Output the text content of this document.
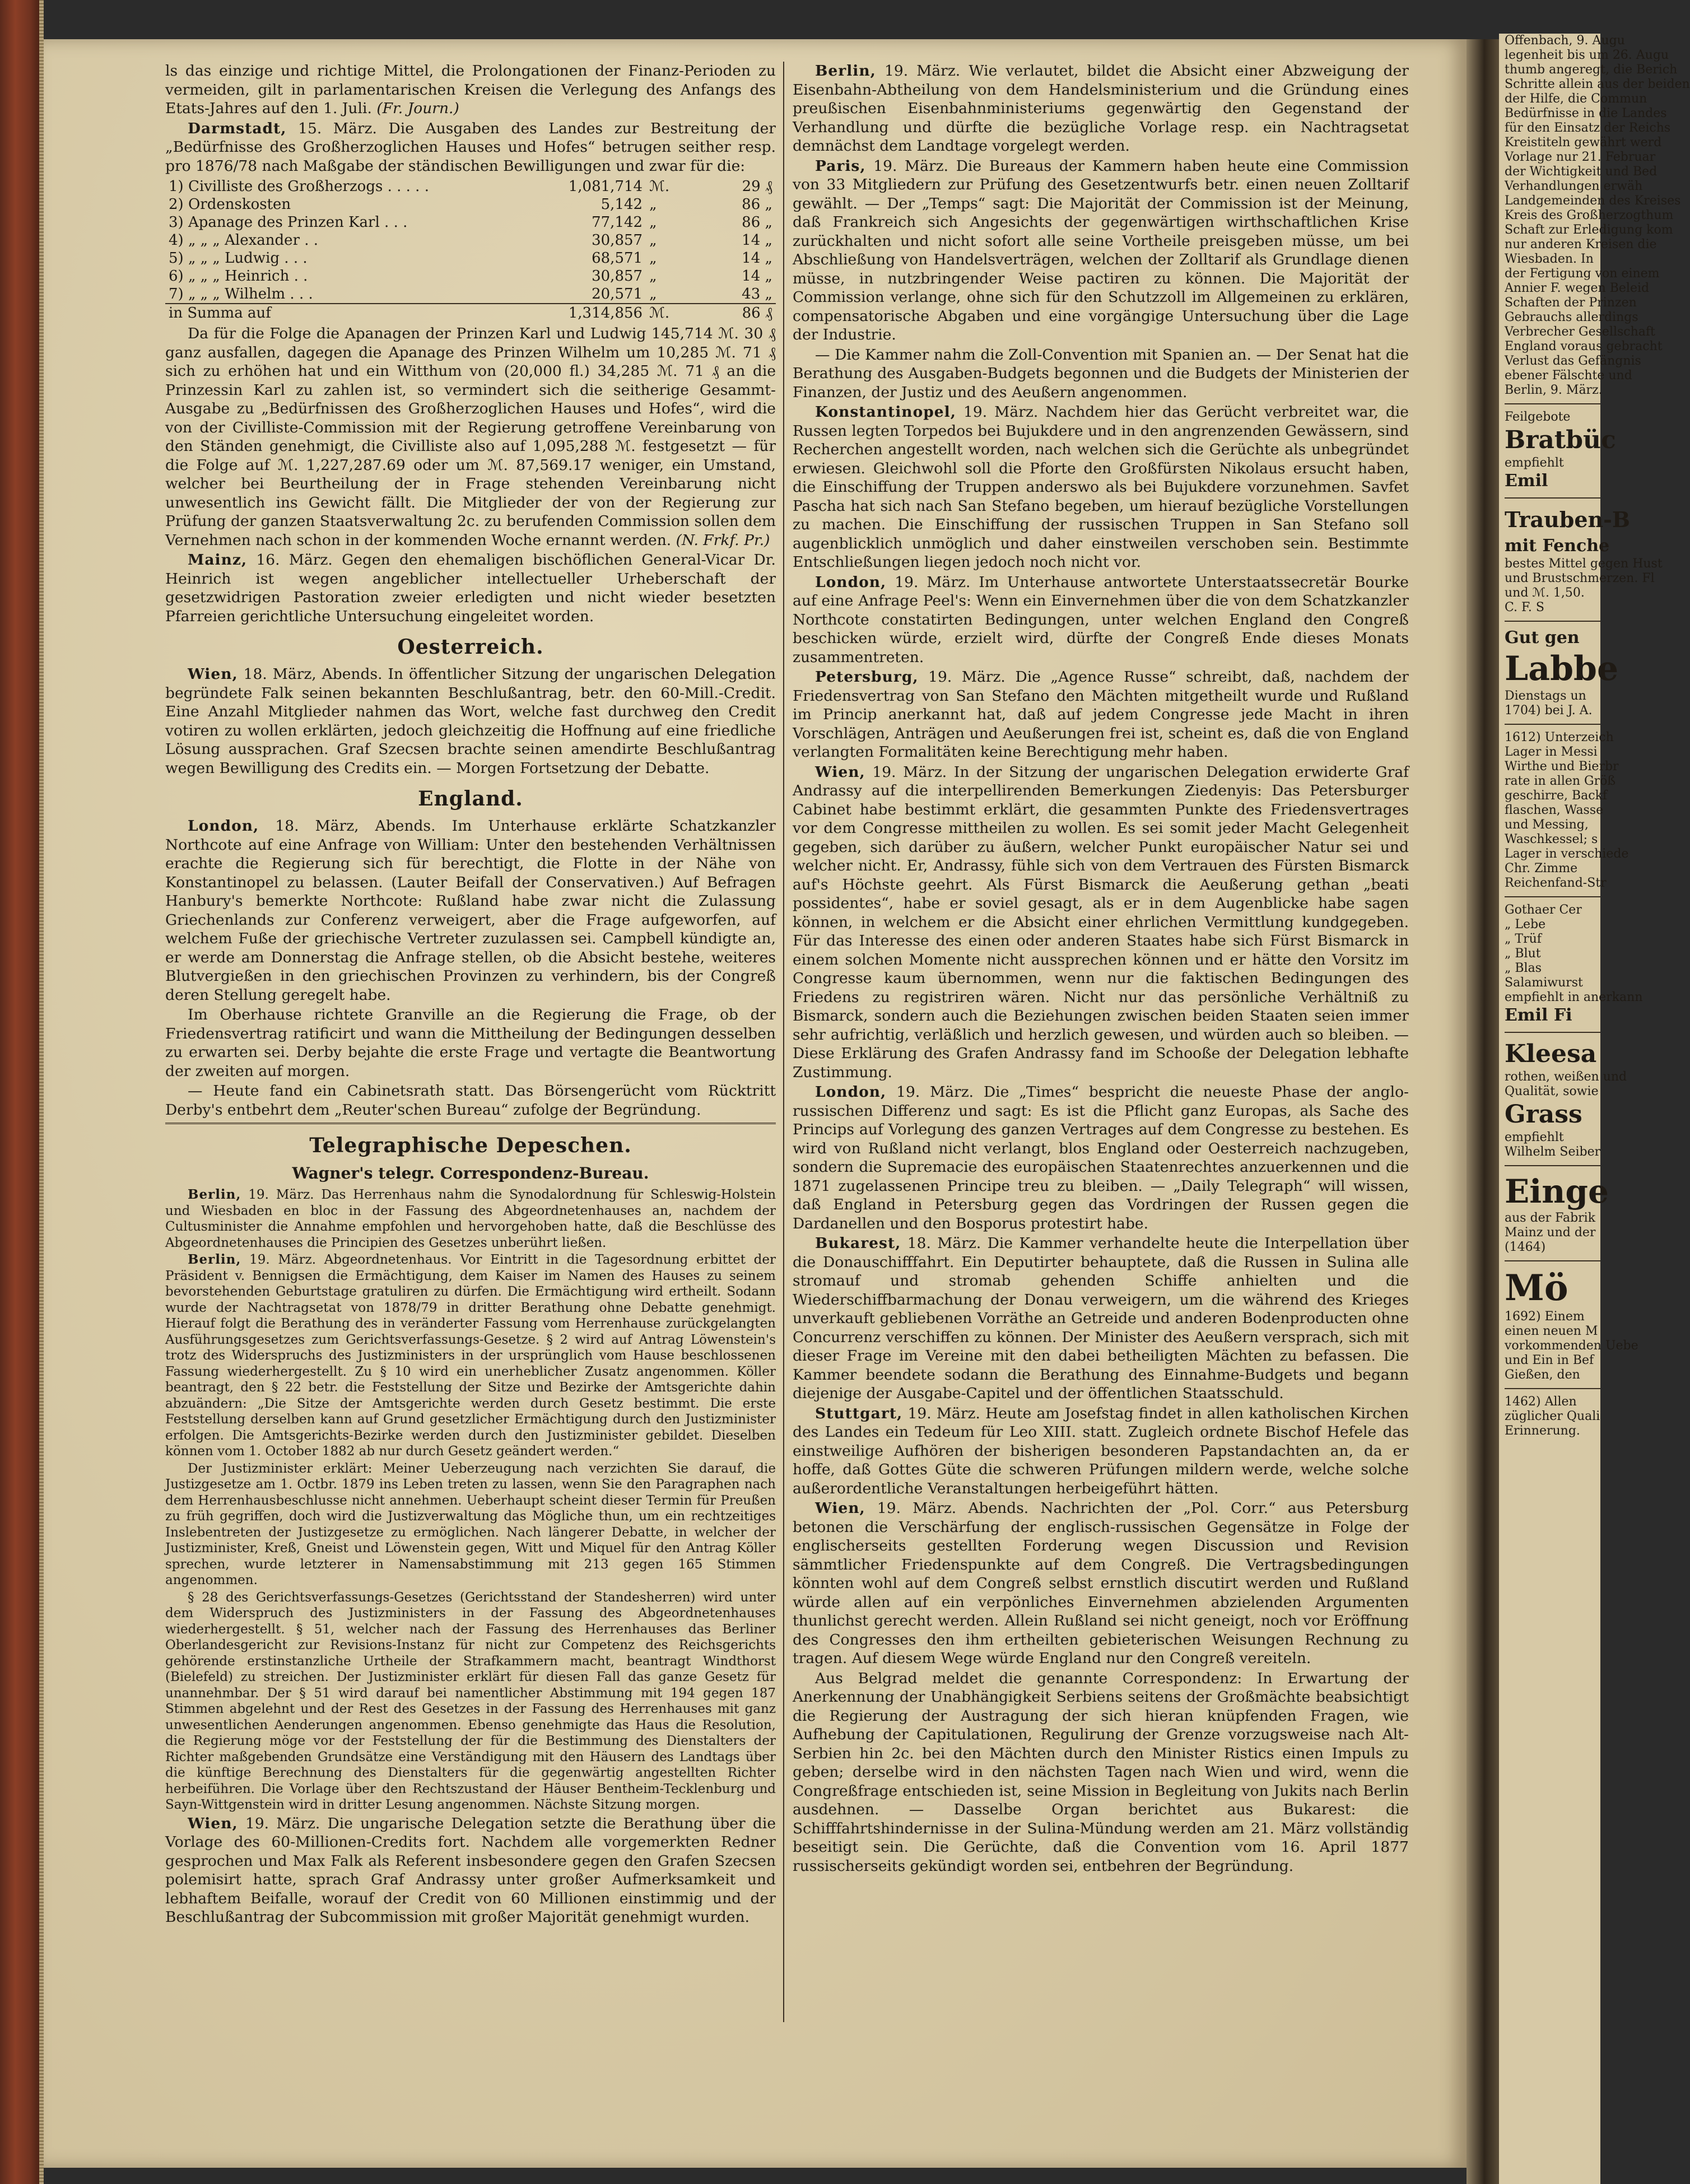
ls das einzige und richtige Mittel, die Prolongationen der Finanz-Perioden zu vermeiden, gilt in parlamentarischen Kreisen die Verlegung des Anfangs des Etats-Jahres auf den 1. Juli. (Fr. Journ.)

Darmstadt, 15. März. Die Ausgaben des Landes zur Bestreitung der „Bedürfnisse des Großherzoglichen Hauses und Hofes“ betrugen seither resp. pro 1876/78 nach Maßgabe der ständischen Bewilligungen und zwar für die:

1) Civilliste des Großherzogs . . . . .	1,081,714	ℳ.	29 ₰
2) Ordenskosten	5,142	„	86 „
3) Apanage des Prinzen Karl . . .	77,142	„	86 „
4) „ „ „ Alexander . .	30,857	„	14 „
5) „ „ „ Ludwig . . .	68,571	„	14 „
6) „ „ „ Heinrich . .	30,857	„	14 „
7) „ „ „ Wilhelm . . .	20,571	„	43 „
in Summa auf	1,314,856	ℳ.	86 ₰

Da für die Folge die Apanagen der Prinzen Karl und Ludwig 145,714 ℳ. 30 ₰ ganz ausfallen, dagegen die Apanage des Prinzen Wilhelm um 10,285 ℳ. 71 ₰ sich zu erhöhen hat und ein Witthum von (20,000 fl.) 34,285 ℳ. 71 ₰ an die Prinzessin Karl zu zahlen ist, so vermindert sich die seitherige Gesammt-Ausgabe zu „Bedürfnissen des Großherzoglichen Hauses und Hofes“, wird die von der Civilliste-Commission mit der Regierung getroffene Vereinbarung von den Ständen genehmigt, die Civilliste also auf 1,095,288 ℳ. festgesetzt — für die Folge auf ℳ. 1,227,287.69 oder um ℳ. 87,569.17 weniger, ein Umstand, welcher bei Beurtheilung der in Frage stehenden Vereinbarung nicht unwesentlich ins Gewicht fällt. Die Mitglieder der von der Regierung zur Prüfung der ganzen Staatsverwaltung 2c. zu berufenden Commission sollen dem Vernehmen nach schon in der kommenden Woche ernannt werden. (N. Frkf. Pr.)

Mainz, 16. März. Gegen den ehemaligen bischöflichen General-Vicar Dr. Heinrich ist wegen angeblicher intellectueller Urheberschaft der gesetzwidrigen Pastoration zweier erledigten und nicht wieder besetzten Pfarreien gerichtliche Untersuchung eingeleitet worden.

Oesterreich.

Wien, 18. März, Abends. In öffentlicher Sitzung der ungarischen Delegation begründete Falk seinen bekannten Beschlußantrag, betr. den 60-Mill.-Credit. Eine Anzahl Mitglieder nahmen das Wort, welche fast durchweg den Credit votiren zu wollen erklärten, jedoch gleichzeitig die Hoffnung auf eine friedliche Lösung aussprachen. Graf Szecsen brachte seinen amendirte Beschlußantrag wegen Bewilligung des Credits ein. — Morgen Fortsetzung der Debatte.

England.

London, 18. März, Abends. Im Unterhause erklärte Schatzkanzler Northcote auf eine Anfrage von William: Unter den bestehenden Verhältnissen erachte die Regierung sich für berechtigt, die Flotte in der Nähe von Konstantinopel zu belassen. (Lauter Beifall der Conservativen.) Auf Befragen Hanbury's bemerkte Northcote: Rußland habe zwar nicht die Zulassung Griechenlands zur Conferenz verweigert, aber die Frage aufgeworfen, auf welchem Fuße der griechische Vertreter zuzulassen sei. Campbell kündigte an, er werde am Donnerstag die Anfrage stellen, ob die Absicht bestehe, weiteres Blutvergießen in den griechischen Provinzen zu verhindern, bis der Congreß deren Stellung geregelt habe.

Im Oberhause richtete Granville an die Regierung die Frage, ob der Friedensvertrag ratificirt und wann die Mittheilung der Bedingungen desselben zu erwarten sei. Derby bejahte die erste Frage und vertagte die Beantwortung der zweiten auf morgen.

— Heute fand ein Cabinetsrath statt. Das Börsengerücht vom Rücktritt Derby's entbehrt dem „Reuter'schen Bureau“ zufolge der Begründung.

Telegraphische Depeschen.
Wagner's telegr. Correspondenz-Bureau.

Berlin, 19. März. Das Herrenhaus nahm die Synodalordnung für Schleswig-Holstein und Wiesbaden en bloc in der Fassung des Abgeordnetenhauses an, nachdem der Cultusminister die Annahme empfohlen und hervorgehoben hatte, daß die Beschlüsse des Abgeordnetenhauses die Principien des Gesetzes unberührt ließen.

Berlin, 19. März. Abgeordnetenhaus. Vor Eintritt in die Tagesordnung erbittet der Präsident v. Bennigsen die Ermächtigung, dem Kaiser im Namen des Hauses zu seinem bevorstehenden Geburtstage gratuliren zu dürfen. Die Ermächtigung wird ertheilt. Sodann wurde der Nachtragsetat von 1878/79 in dritter Berathung ohne Debatte genehmigt. Hierauf folgt die Berathung des in veränderter Fassung vom Herrenhause zurückgelangten Ausführungsgesetzes zum Gerichtsverfassungs-Gesetze. § 2 wird auf Antrag Löwenstein's trotz des Widerspruchs des Justizministers in der ursprünglich vom Hause beschlossenen Fassung wiederhergestellt. Zu § 10 wird ein unerheblicher Zusatz angenommen. Köller beantragt, den § 22 betr. die Feststellung der Sitze und Bezirke der Amtsgerichte dahin abzuändern: „Die Sitze der Amtsgerichte werden durch Gesetz bestimmt. Die erste Feststellung derselben kann auf Grund gesetzlicher Ermächtigung durch den Justizminister erfolgen. Die Amtsgerichts-Bezirke werden durch den Justizminister gebildet. Dieselben können vom 1. October 1882 ab nur durch Gesetz geändert werden.“

Der Justizminister erklärt: Meiner Ueberzeugung nach verzichten Sie darauf, die Justizgesetze am 1. Octbr. 1879 ins Leben treten zu lassen, wenn Sie den Paragraphen nach dem Herrenhausbeschlusse nicht annehmen. Ueberhaupt scheint dieser Termin für Preußen zu früh gegriffen, doch wird die Justizverwaltung das Mögliche thun, um ein rechtzeitiges Inslebentreten der Justizgesetze zu ermöglichen. Nach längerer Debatte, in welcher der Justizminister, Kreß, Gneist und Löwenstein gegen, Witt und Miquel für den Antrag Köller sprechen, wurde letzterer in Namensabstimmung mit 213 gegen 165 Stimmen angenommen.

§ 28 des Gerichtsverfassungs-Gesetzes (Gerichtsstand der Standesherren) wird unter dem Widerspruch des Justizministers in der Fassung des Abgeordnetenhauses wiederhergestellt. § 51, welcher nach der Fassung des Herrenhauses das Berliner Oberlandesgericht zur Revisions-Instanz für nicht zur Competenz des Reichsgerichts gehörende erstinstanzliche Urtheile der Strafkammern macht, beantragt Windthorst (Bielefeld) zu streichen. Der Justizminister erklärt für diesen Fall das ganze Gesetz für unannehmbar. Der § 51 wird darauf bei namentlicher Abstimmung mit 194 gegen 187 Stimmen abgelehnt und der Rest des Gesetzes in der Fassung des Herrenhauses mit ganz unwesentlichen Aenderungen angenommen. Ebenso genehmigte das Haus die Resolution, die Regierung möge vor der Feststellung der für die Bestimmung des Dienstalters der Richter maßgebenden Grundsätze eine Verständigung mit den Häusern des Landtags über die künftige Berechnung des Dienstalters für die gegenwärtig angestellten Richter herbeiführen. Die Vorlage über den Rechtszustand der Häuser Bentheim-Tecklenburg und Sayn-Wittgenstein wird in dritter Lesung angenommen. Nächste Sitzung morgen.

Wien, 19. März. Die ungarische Delegation setzte die Berathung über die Vorlage des 60-Millionen-Credits fort. Nachdem alle vorgemerkten Redner gesprochen und Max Falk als Referent insbesondere gegen den Grafen Szecsen polemisirt hatte, sprach Graf Andrassy unter großer Aufmerksamkeit und lebhaftem Beifalle, worauf der Credit von 60 Millionen einstimmig und der Beschlußantrag der Subcommission mit großer Majorität genehmigt wurden.

Berlin, 19. März. Wie verlautet, bildet die Absicht einer Abzweigung der Eisenbahn-Abtheilung von dem Handelsministerium und die Gründung eines preußischen Eisenbahnministeriums gegenwärtig den Gegenstand der Verhandlung und dürfte die bezügliche Vorlage resp. ein Nachtragsetat demnächst dem Landtage vorgelegt werden.

Paris, 19. März. Die Bureaus der Kammern haben heute eine Commission von 33 Mitgliedern zur Prüfung des Gesetzentwurfs betr. einen neuen Zolltarif gewählt. — Der „Temps“ sagt: Die Majorität der Commission ist der Meinung, daß Frankreich sich Angesichts der gegenwärtigen wirthschaftlichen Krise zurückhalten und nicht sofort alle seine Vortheile preisgeben müsse, um bei Abschließung von Handelsverträgen, welchen der Zolltarif als Grundlage dienen müsse, in nutzbringender Weise pactiren zu können. Die Majorität der Commission verlange, ohne sich für den Schutzzoll im Allgemeinen zu erklären, compensatorische Abgaben und eine vorgängige Untersuchung über die Lage der Industrie.

— Die Kammer nahm die Zoll-Convention mit Spanien an. — Der Senat hat die Berathung des Ausgaben-Budgets begonnen und die Budgets der Ministerien der Finanzen, der Justiz und des Aeußern angenommen.

Konstantinopel, 19. März. Nachdem hier das Gerücht verbreitet war, die Russen legten Torpedos bei Bujukdere und in den angrenzenden Gewässern, sind Recherchen angestellt worden, nach welchen sich die Gerüchte als unbegründet erwiesen. Gleichwohl soll die Pforte den Großfürsten Nikolaus ersucht haben, die Einschiffung der Truppen anderswo als bei Bujukdere vorzunehmen. Savfet Pascha hat sich nach San Stefano begeben, um hierauf bezügliche Vorstellungen zu machen. Die Einschiffung der russischen Truppen in San Stefano soll augenblicklich unmöglich und daher einstweilen verschoben sein. Bestimmte Entschließungen liegen jedoch noch nicht vor.

London, 19. März. Im Unterhause antwortete Unterstaatssecretär Bourke auf eine Anfrage Peel's: Wenn ein Einvernehmen über die von dem Schatzkanzler Northcote constatirten Bedingungen, unter welchen England den Congreß beschicken würde, erzielt wird, dürfte der Congreß Ende dieses Monats zusammentreten.

Petersburg, 19. März. Die „Agence Russe“ schreibt, daß, nachdem der Friedensvertrag von San Stefano den Mächten mitgetheilt wurde und Rußland im Princip anerkannt hat, daß auf jedem Congresse jede Macht in ihren Vorschlägen, Anträgen und Aeußerungen frei ist, scheint es, daß die von England verlangten Formalitäten keine Berechtigung mehr haben.

Wien, 19. März. In der Sitzung der ungarischen Delegation erwiderte Graf Andrassy auf die interpellirenden Bemerkungen Ziedenyis: Das Petersburger Cabinet habe bestimmt erklärt, die gesammten Punkte des Friedensvertrages vor dem Congresse mittheilen zu wollen. Es sei somit jeder Macht Gelegenheit gegeben, sich darüber zu äußern, welcher Punkt europäischer Natur sei und welcher nicht. Er, Andrassy, fühle sich von dem Vertrauen des Fürsten Bismarck auf's Höchste geehrt. Als Fürst Bismarck die Aeußerung gethan „beati possidentes“, habe er soviel gesagt, als er in dem Augenblicke habe sagen können, in welchem er die Absicht einer ehrlichen Vermittlung kundgegeben. Für das Interesse des einen oder anderen Staates habe sich Fürst Bismarck in einem solchen Momente nicht aussprechen können und er hätte den Vorsitz im Congresse kaum übernommen, wenn nur die faktischen Bedingungen des Friedens zu registriren wären. Nicht nur das persönliche Verhältniß zu Bismarck, sondern auch die Beziehungen zwischen beiden Staaten seien immer sehr aufrichtig, verläßlich und herzlich gewesen, und würden auch so bleiben. — Diese Erklärung des Grafen Andrassy fand im Schooße der Delegation lebhafte Zustimmung.

London, 19. März. Die „Times“ bespricht die neueste Phase der anglo-russischen Differenz und sagt: Es ist die Pflicht ganz Europas, als Sache des Princips auf Vorlegung des ganzen Vertrages auf dem Congresse zu bestehen. Es wird von Rußland nicht verlangt, blos England oder Oesterreich nachzugeben, sondern die Supremacie des europäischen Staatenrechtes anzuerkennen und die 1871 zugelassenen Principe treu zu bleiben. — „Daily Telegraph“ will wissen, daß England in Petersburg gegen das Vordringen der Russen gegen die Dardanellen und den Bosporus protestirt habe.

Bukarest, 18. März. Die Kammer verhandelte heute die Interpellation über die Donauschifffahrt. Ein Deputirter behauptete, daß die Russen in Sulina alle stromauf und stromab gehenden Schiffe anhielten und die Wiederschiffbarmachung der Donau verweigern, um die während des Krieges unverkauft gebliebenen Vorräthe an Getreide und anderen Bodenproducten ohne Concurrenz verschiffen zu können. Der Minister des Aeußern versprach, sich mit dieser Frage im Vereine mit den dabei betheiligten Mächten zu befassen. Die Kammer beendete sodann die Berathung des Einnahme-Budgets und begann diejenige der Ausgabe-Capitel und der öffentlichen Staatsschuld.

Stuttgart, 19. März. Heute am Josefstag findet in allen katholischen Kirchen des Landes ein Tedeum für Leo XIII. statt. Zugleich ordnete Bischof Hefele das einstweilige Aufhören der bisherigen besonderen Papstandachten an, da er hoffe, daß Gottes Güte die schweren Prüfungen mildern werde, welche solche außerordentliche Veranstaltungen herbeigeführt hätten.

Wien, 19. März. Abends. Nachrichten der „Pol. Corr.“ aus Petersburg betonen die Verschärfung der englisch-russischen Gegensätze in Folge der englischerseits gestellten Forderung wegen Discussion und Revision sämmtlicher Friedenspunkte auf dem Congreß. Die Vertragsbedingungen könnten wohl auf dem Congreß selbst ernstlich discutirt werden und Rußland würde allen auf ein verpönliches Einvernehmen abzielenden Argumenten thunlichst gerecht werden. Allein Rußland sei nicht geneigt, noch vor Eröffnung des Congresses den ihm ertheilten gebieterischen Weisungen Rechnung zu tragen. Auf diesem Wege würde England nur den Congreß vereiteln.

Aus Belgrad meldet die genannte Correspondenz: In Erwartung der Anerkennung der Unabhängigkeit Serbiens seitens der Großmächte beabsichtigt die Regierung der Austragung der sich hieran knüpfenden Fragen, wie Aufhebung der Capitulationen, Regulirung der Grenze vorzugsweise nach Alt-Serbien hin 2c. bei den Mächten durch den Minister Ristics einen Impuls zu geben; derselbe wird in den nächsten Tagen nach Wien und wird, wenn die Congreßfrage entschieden ist, seine Mission in Begleitung von Jukits nach Berlin ausdehnen. — Dasselbe Organ berichtet aus Bukarest: die Schifffahrtshindernisse in der Sulina-Mündung werden am 21. März vollständig beseitigt sein. Die Gerüchte, daß die Convention vom 16. April 1877 russischerseits gekündigt worden sei, entbehren der Begründung.

Offenbach, 9. Augu
legenheit bis um 26. Augu
thumb angeregt, die Berich
Schritte allein aus der beiden
der Hilfe, die Commun
Bedürfnisse in die Landes
für den Einsatz der Reichs
Kreistiteln gewährt werd
Vorlage nur 21. Februar
der Wichtigkeit und Bed
Verhandlungen erwäh
Landgemeinden des Kreises
Kreis des Großherzogthum
Schaft zur Erledigung kom
nur anderen Kreisen die
Wiesbaden. In
der Fertigung von einem
Annier F. wegen Beleid
Schaften der Prinzen
Gebrauchs allerdings
Verbrecher Gesellschaft
England voraus gebracht
Verlust das Gefängnis
ebener Fälschte und
Berlin, 9. März.
Feilgebote
Bratbüc
empfiehlt
Emil
Trauben-B
mit Fenche
bestes Mittel gegen Hust
und Brustschmerzen. Fl
und ℳ. 1,50.
C. F. S
Gut gen
Labbe
Dienstags un
1704) bei J. A.
1612) Unterzeich
Lager in Messi
Wirthe und Bierbr
rate in allen Größ
geschirre, Backf
flaschen, Wasse
und Messing,
Waschkessel; s
Lager in verschiede
Chr. Zimme
Reichenfand-Str
Gothaer Cer
„ Lebe
„ Trüf
„ Blut
„ Blas
Salamiwurst
empfiehlt in anerkann
Emil Fi
Kleesa
rothen, weißen und
Qualität, sowie
Grass
empfiehlt
Wilhelm Seiber
Einge
aus der Fabrik
Mainz und der
(1464)
Mö
1692) Einem
einen neuen M
vorkommenden Uebe
und Ein in Bef
Gießen, den
1462) Allen
züglicher Quali
Erinnerung.
